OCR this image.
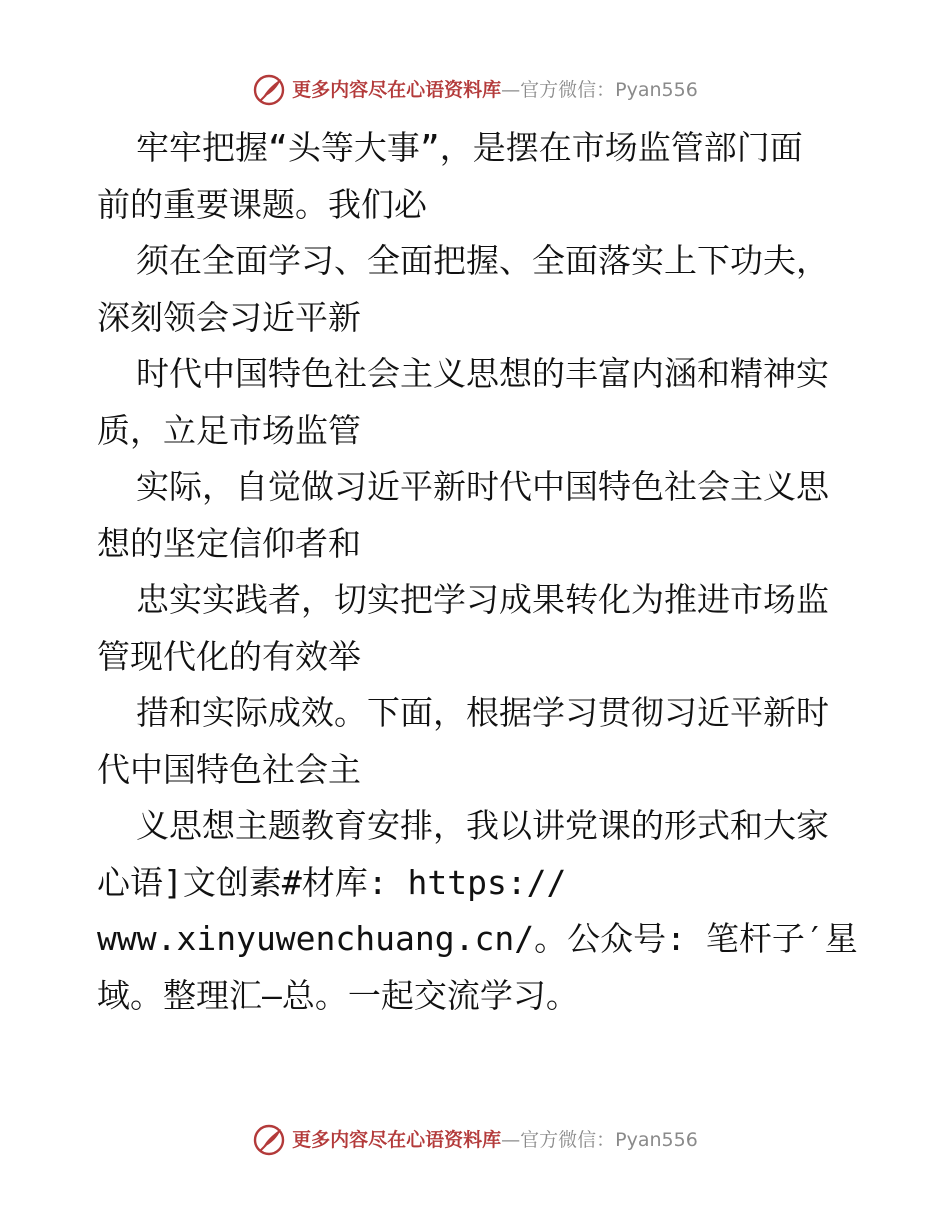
更多内容尽在心语资料库 — 官方微信：Pyan556
牢牢把握“头等大事”，是摆在市场监管部门面
前的重要课题。我们必
须在全面学习、全面把握、全面落实上下功夫，
深刻领会习近平新
时代中国特色社会主义思想的丰富内涵和精神实
质，立足市场监管
实际，自觉做习近平新时代中国特色社会主义思
想的坚定信仰者和
忠实实践者，切实把学习成果转化为推进市场监
管现代化的有效举
措和实际成效。下面，根据学习贯彻习近平新时
代中国特色社会主
义思想主题教育安排，我以讲党课的形式和大家
心语]文创素#材库: https://
www.xinyuwenchuang.cn/。公众号: 笔杆子′星
域。整理汇—总。一起交流学习。
更多内容尽在心语资料库 — 官方微信：Pyan556
